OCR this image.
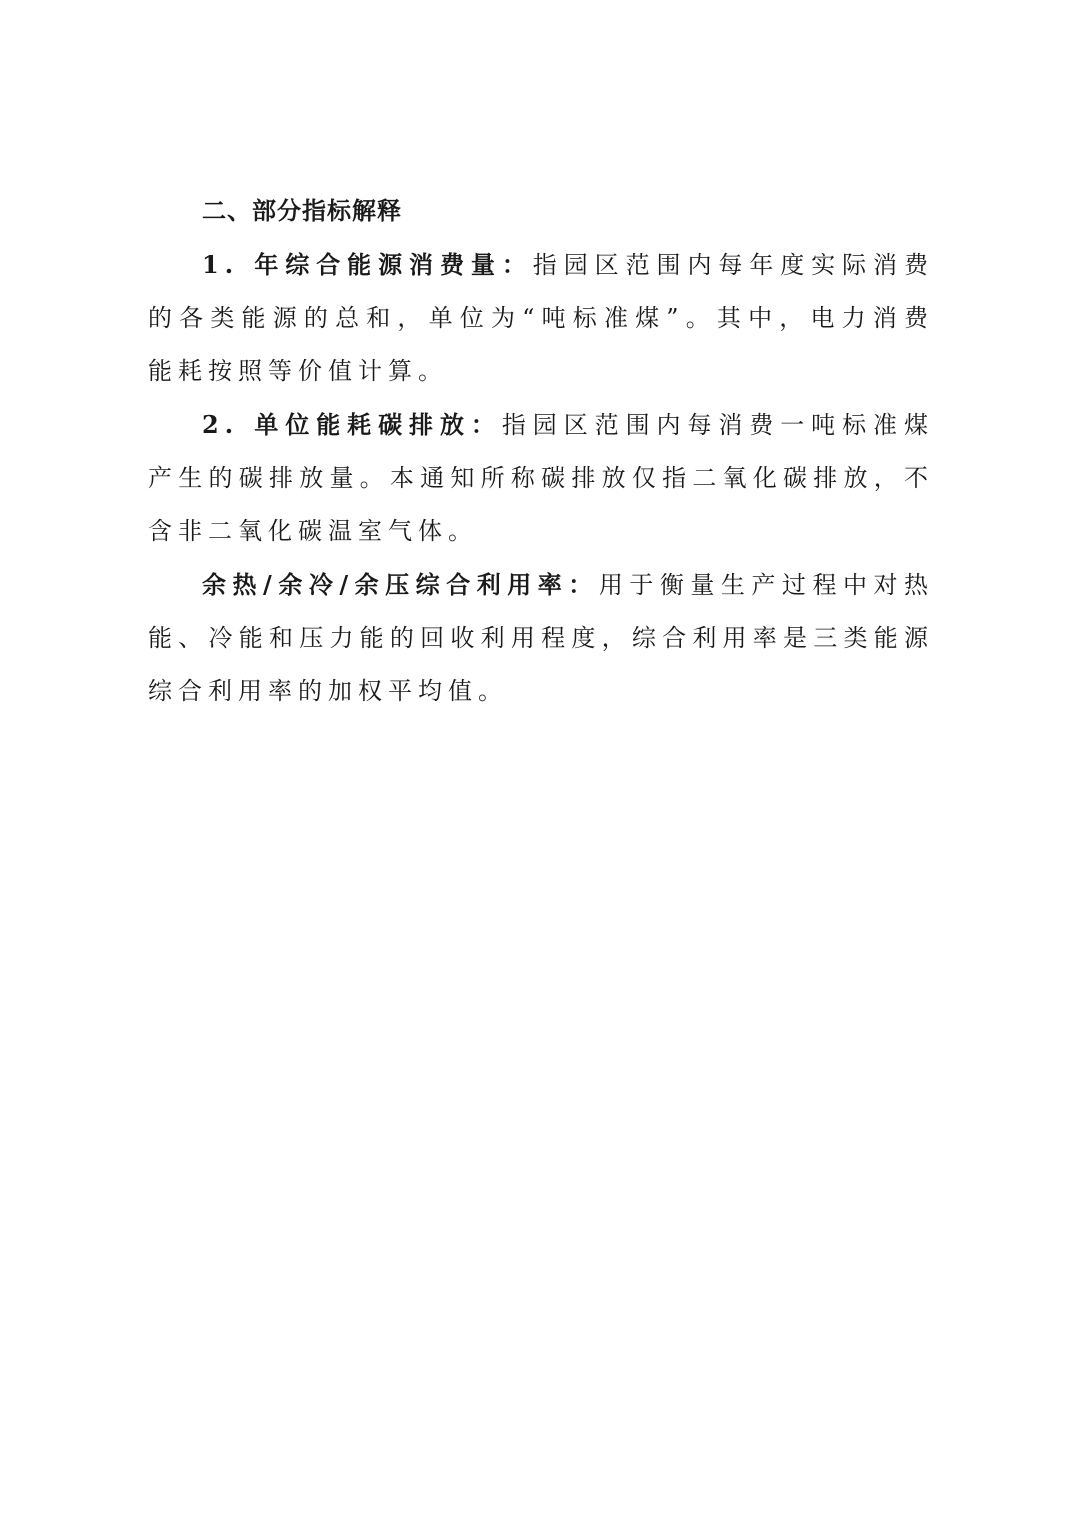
二、部分指标解释

1. 年综合能源消费量：指园区范围内每年度实际消费的各类能源的总和，单位为“吨标准煤”。其中，电力消费能耗按照等价值计算。

2. 单位能耗碳排放：指园区范围内每消费一吨标准煤产生的碳排放量。本通知所称碳排放仅指二氧化碳排放，不含非二氧化碳温室气体。

余热/余冷/余压综合利用率：用于衡量生产过程中对热能、冷能和压力能的回收利用程度，综合利用率是三类能源综合利用率的加权平均值。
